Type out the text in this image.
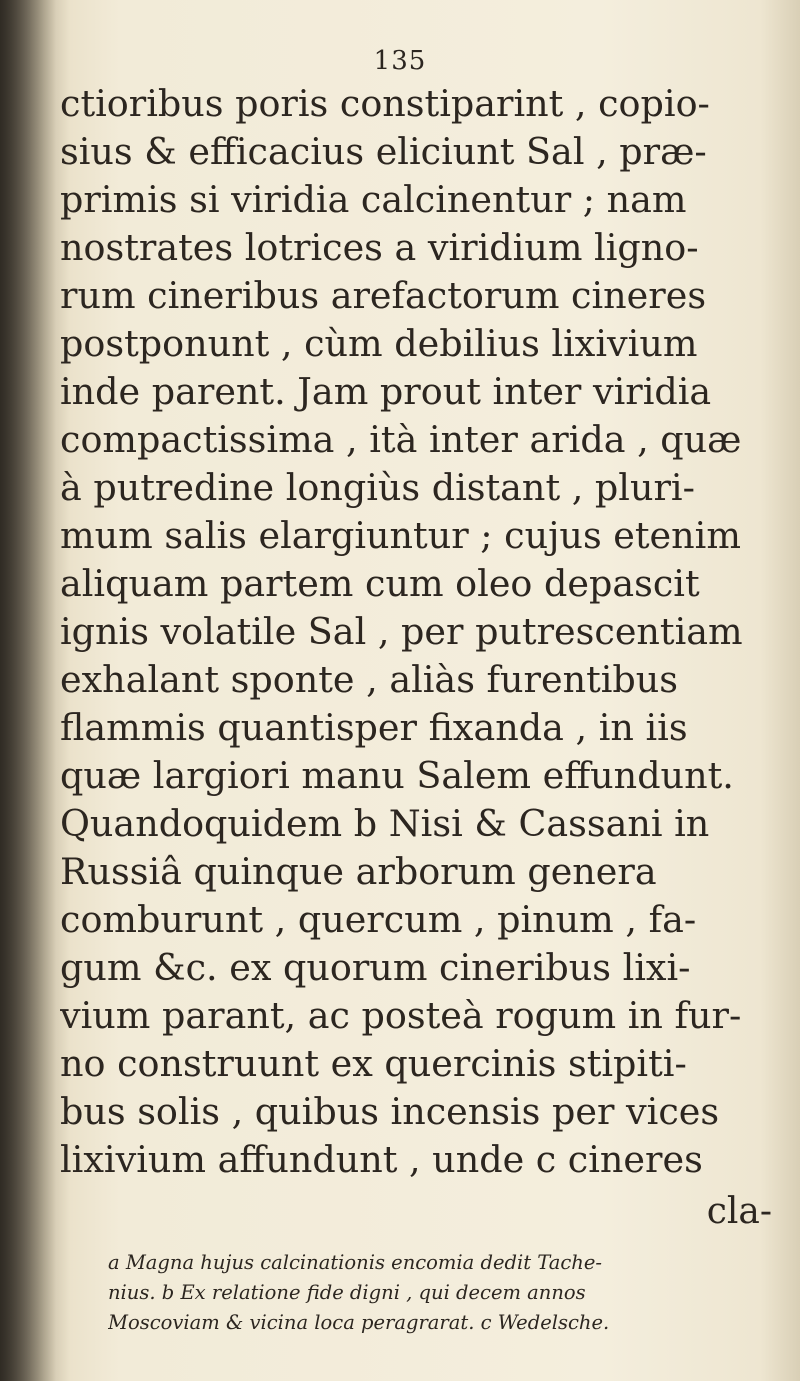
135
ctioribus poris constiparint , copio-
sius & efficacius eliciunt Sal , præ-
primis si viridia calcinentur ; nam
nostrates lotrices a viridium ligno-
rum cineribus arefactorum cineres
postponunt , cùm debilius lixivium
inde parent. Jam prout inter viridia
compactissima , ità inter arida , quæ
à putredine longiùs distant , pluri-
mum salis elargiuntur ; cujus etenim
aliquam partem cum oleo depascit
ignis volatile Sal , per putrescentiam
exhalant sponte , aliàs furentibus
flammis quantisper fixanda , in iis
quæ largiori manu Salem effundunt.
Quandoquidem b Nisi & Cassani in
Russiâ quinque arborum genera
comburunt , quercum , pinum , fa-
gum &c. ex quorum cineribus lixi-
vium parant, ac posteà rogum in fur-
no construunt ex quercinis stipiti-
bus solis , quibus incensis per vices
lixivium affundunt , unde c cineres
cla-
a Magna hujus calcinationis encomia dedit Tache-
nius. b Ex relatione fide digni , qui decem annos
Moscoviam & vicina loca peragrarat. c Wedelsche.
